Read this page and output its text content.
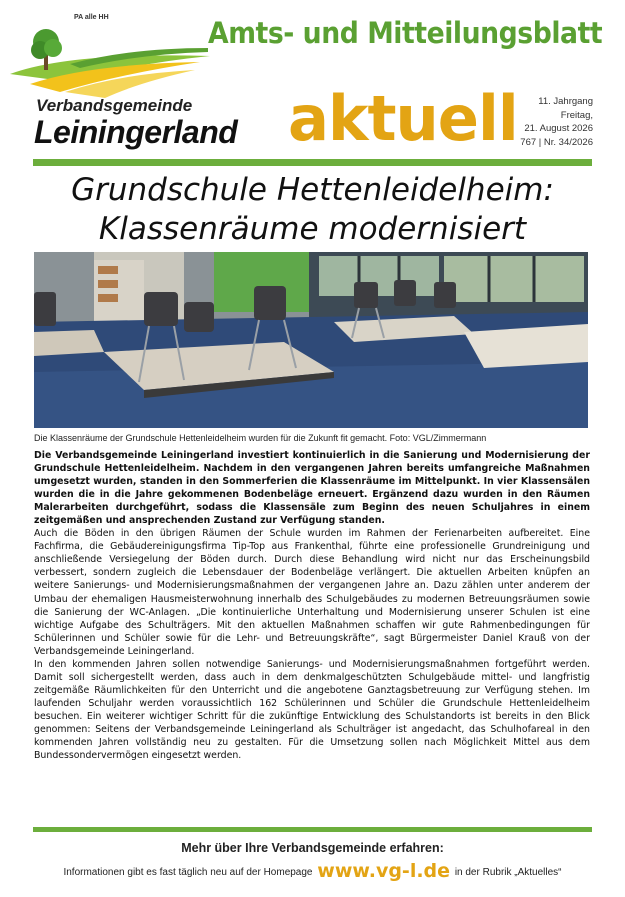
PA alle HH	Amts- und Mitteilungsblatt
Verbandsgemeinde
Leiningerland aktuell	11. Jahrgang
Freitag,
21. August 2026
767 | Nr. 34/2026
Grundschule Hettenleidelheim:
Klassenräume modernisiert
Die Klassenräume der Grundschule Hettenleidelheim wurden für die Zukunft fit gemacht. Foto: VGL/Zimmermann

Die Verbandsgemeinde Leiningerland investiert kontinuierlich in die Sanierung und Modernisierung der Grundschule Hettenleidelheim. Nachdem in den vergangenen Jahren bereits umfangreiche Maßnahmen umgesetzt wurden, standen in den Sommerferien die Klassenräume im Mittelpunkt. In vier Klassensälen wurden die in die Jahre gekommenen Bodenbeläge erneuert. Ergänzend dazu wurden in den Räumen Malerarbeiten durchgeführt, sodass die Klassensäle zum Beginn des neuen Schuljahres in einem zeitgemäßen und ansprechenden Zustand zur Verfügung standen.

Auch die Böden in den übrigen Räumen der Schule wurden im Rahmen der Ferienarbeiten aufbereitet. Eine Fachfirma, die Gebäudereinigungsfirma Tip-Top aus Frankenthal, führte eine professionelle Grundreinigung und anschließende Versiegelung der Böden durch. Durch diese Behandlung wird nicht nur das Erscheinungsbild verbessert, sondern zugleich die Lebensdauer der Bodenbeläge verlängert. Die aktuellen Arbeiten knüpfen an weitere Sanierungs- und Modernisierungsmaßnahmen der vergangenen Jahre an. Dazu zählen unter anderem der Umbau der ehemaligen Hausmeisterwohnung innerhalb des Schulgebäudes zu modernen Betreuungsräumen sowie die Sanierung der WC-Anlagen. „Die kontinuierliche Unterhaltung und Modernisierung unserer Schulen ist eine wichtige Aufgabe des Schulträgers. Mit den aktuellen Maßnahmen schaffen wir gute Rahmenbedingungen für Schülerinnen und Schüler sowie für die Lehr- und Betreuungskräfte“, sagt Bürgermeister Daniel Krauß von der Verbandsgemeinde Leiningerland.

In den kommenden Jahren sollen notwendige Sanierungs- und Modernisierungsmaßnahmen fortgeführt werden. Damit soll sichergestellt werden, dass auch in dem denkmalgeschützten Schulgebäude mittel- und langfristig zeitgemäße Räumlichkeiten für den Unterricht und die angebotene Ganztagsbetreuung zur Verfügung stehen. Im laufenden Schuljahr werden voraussichtlich 162 Schülerinnen und Schüler die Grundschule Hettenleidelheim besuchen. Ein weiterer wichtiger Schritt für die zukünftige Entwicklung des Schulstandorts ist bereits in den Blick genommen: Seitens der Verbandsgemeinde Leiningerland als Schulträger ist angedacht, das Schulhofareal in den kommenden Jahren vollständig neu zu gestalten. Für die Umsetzung sollen nach Möglichkeit Mittel aus dem Bundessondervermögen eingesetzt werden.

Mehr über Ihre Verbandsgemeinde erfahren:
Informationen gibt es fast täglich neu auf der Homepage www.vg-l.de in der Rubrik „Aktuelles“
